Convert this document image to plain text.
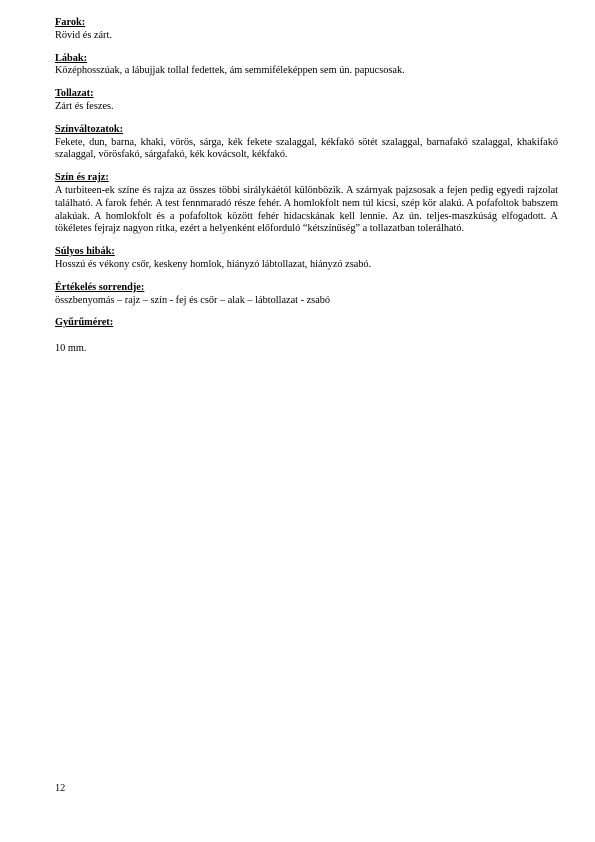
Farok:

Rövid és zárt.

Lábak:

Középhosszúak, a lábujjak tollal fedettek, ám semmiféleképpen sem ún. papucsosak.

Tollazat:

Zárt és feszes.

Színváltozatok:

Fekete, dun, barna, khaki, vörös, sárga, kék fekete szalaggal, kékfakó sötét szalaggal, barnafakó szalaggal, khakifakó szalaggal, vörösfakó, sárgafakó, kék kovácsolt, kékfakó.

Szín és rajz:

A turbiteen-ek színe és rajza az összes többi sirálykáétól különbözik. A szárnyak pajzsosak a fejen pedig egyedi rajzolat található. A farok fehér. A test fennmaradó része fehér. A homlokfolt nem túl kicsi, szép kör alakú. A pofafoltok babszem alakúak. A homlokfolt és a pofafoltok között fehér hidacskának kell lennie. Az ún. teljes-maszkúság elfogadott. A tökéletes fejrajz nagyon ritka, ezért a helyenként előforduló “kétszínűség” a tollazatban tolerálható.

Súlyos hibák:

Hosszú és vékony csőr, keskeny homlok, hiányzó lábtollazat, hiányzó zsabó.

Értékelés sorrendje:

összbenyomás – rajz – szín - fej és csőr – alak – lábtollazat - zsabó

Gyűrűméret:

10 mm.

12
